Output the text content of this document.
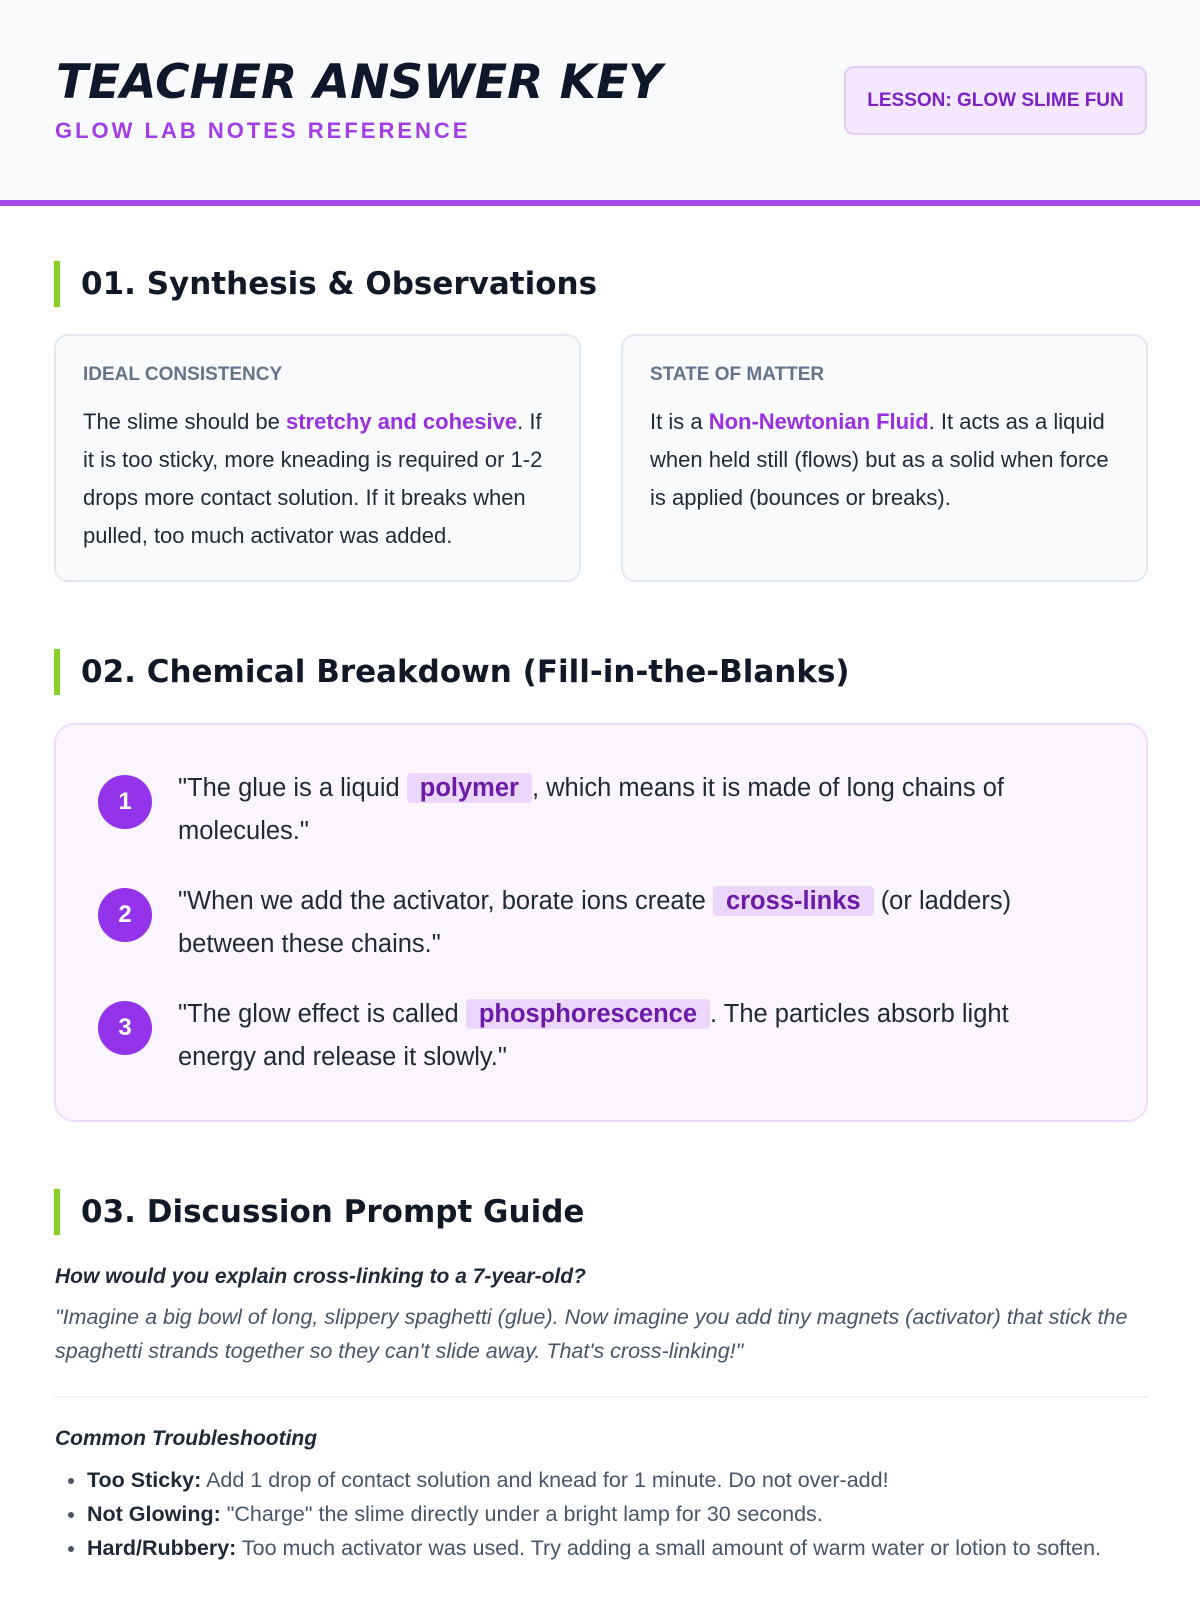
TEACHER ANSWER KEY
GLOW LAB NOTES REFERENCE
LESSON: GLOW SLIME FUN
01. Synthesis & Observations
IDEAL CONSISTENCY
The slime should be stretchy and cohesive. If it is too sticky, more kneading is required or 1-2 drops more contact solution. If it breaks when pulled, too much activator was added.
STATE OF MATTER
It is a Non-Newtonian Fluid. It acts as a liquid when held still (flows) but as a solid when force is applied (bounces or breaks).
02. Chemical Breakdown (Fill-in-the-Blanks)
1	"The glue is a liquid polymer , which means it is made of long chains of molecules."
2	"When we add the activator, borate ions create cross-links (or ladders) between these chains."
3	"The glow effect is called phosphorescence . The particles absorb light energy and release it slowly."
03. Discussion Prompt Guide
How would you explain cross-linking to a 7-year-old?
"Imagine a big bowl of long, slippery spaghetti (glue). Now imagine you add tiny magnets (activator) that stick the spaghetti strands together so they can't slide away. That's cross-linking!"
Common Troubleshooting
• Too Sticky: Add 1 drop of contact solution and knead for 1 minute. Do not over-add!
• Not Glowing: "Charge" the slime directly under a bright lamp for 30 seconds.
• Hard/Rubbery: Too much activator was used. Try adding a small amount of warm water or lotion to soften.
